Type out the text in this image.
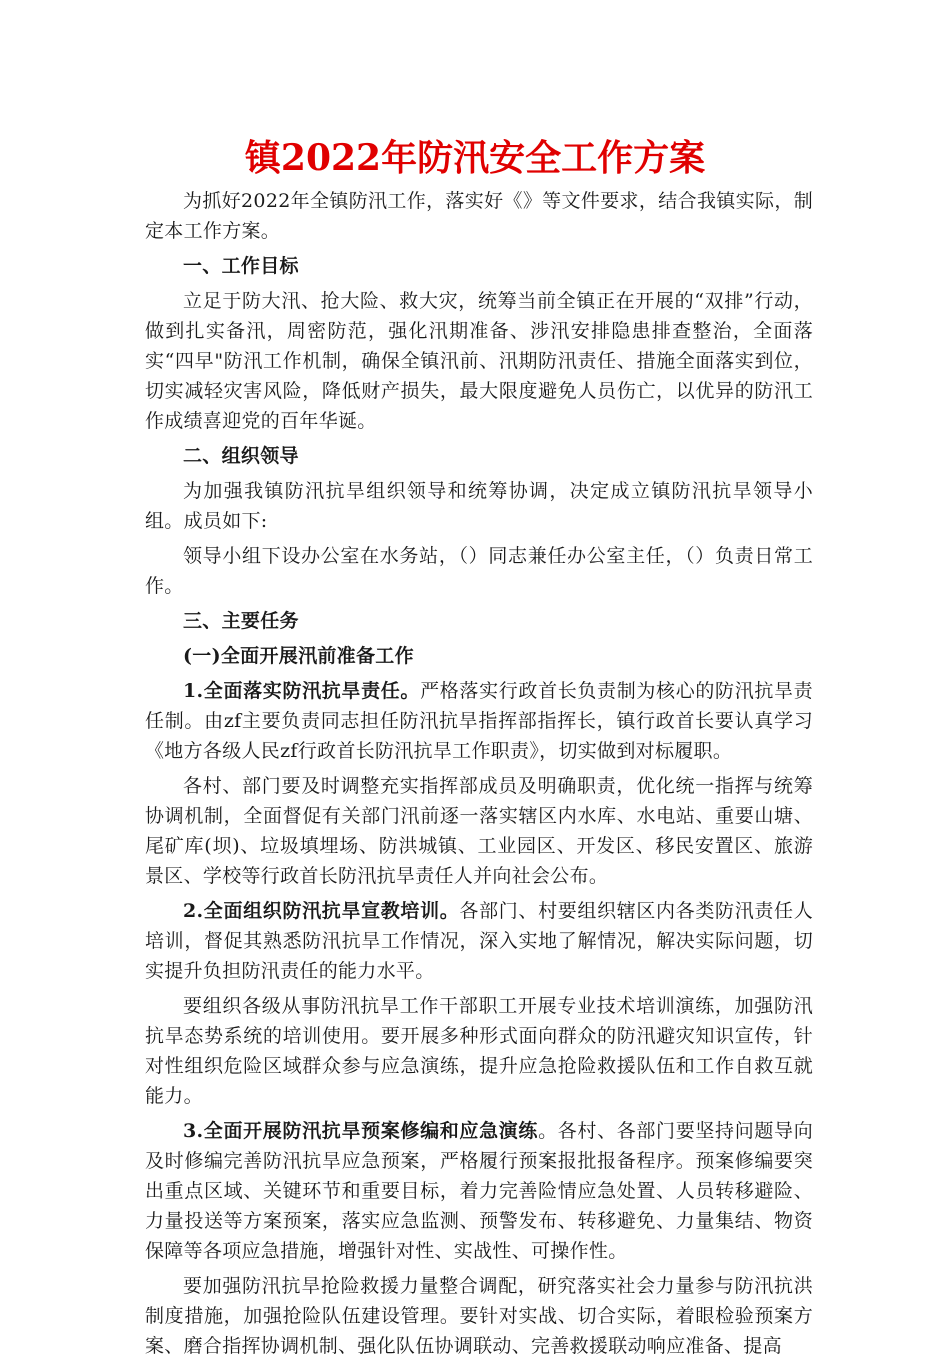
镇2022年防汛安全工作方案

为抓好2022年全镇防汛工作，落实好《》等文件要求，结合我镇实际，制定本工作方案。

一、工作目标

立足于防大汛、抢大险、救大灾，统筹当前全镇正在开展的“双排”行动，做到扎实备汛，周密防范，强化汛期准备、涉汛安排隐患排查整治，全面落实“四早"防汛工作机制，确保全镇汛前、汛期防汛责任、措施全面落实到位，切实减轻灾害风险，降低财产损失，最大限度避免人员伤亡，以优异的防汛工作成绩喜迎党的百年华诞。

二、组织领导

为加强我镇防汛抗旱组织领导和统筹协调，决定成立镇防汛抗旱领导小组。成员如下:

领导小组下设办公室在水务站，（）同志兼任办公室主任，（）负责日常工作。

三、主要任务

(一)全面开展汛前准备工作

1.全面落实防汛抗旱责任。严格落实行政首长负责制为核心的防汛抗旱责任制。由zf主要负责同志担任防汛抗旱指挥部指挥长，镇行政首长要认真学习《地方各级人民zf行政首长防汛抗旱工作职责》，切实做到对标履职。

各村、部门要及时调整充实指挥部成员及明确职责，优化统一指挥与统筹协调机制，全面督促有关部门汛前逐一落实辖区内水库、水电站、重要山塘、尾矿库(坝)、垃圾填埋场、防洪城镇、工业园区、开发区、移民安置区、旅游景区、学校等行政首长防汛抗旱责任人并向社会公布。

2.全面组织防汛抗旱宣教培训。各部门、村要组织辖区内各类防汛责任人培训，督促其熟悉防汛抗旱工作情况，深入实地了解情况，解决实际问题，切实提升负担防汛责任的能力水平。

要组织各级从事防汛抗旱工作干部职工开展专业技术培训演练，加强防汛抗旱态势系统的培训使用。要开展多种形式面向群众的防汛避灾知识宣传，针对性组织危险区域群众参与应急演练，提升应急抢险救援队伍和工作自救互就能力。

3.全面开展防汛抗旱预案修编和应急演练。各村、各部门要坚持问题导向及时修编完善防汛抗旱应急预案，严格履行预案报批报备程序。预案修编要突出重点区域、关键环节和重要目标，着力完善险情应急处置、人员转移避险、力量投送等方案预案，落实应急监测、预警发布、转移避免、力量集结、物资保障等各项应急措施，增强针对性、实战性、可操作性。

要加强防汛抗旱抢险救援力量整合调配，研究落实社会力量参与防汛抗洪制度措施，加强抢险队伍建设管理。要针对实战、切合实际，着眼检验预案方案、磨合指挥协调机制、强化队伍协调联动、完善救援联动响应准备、提高
